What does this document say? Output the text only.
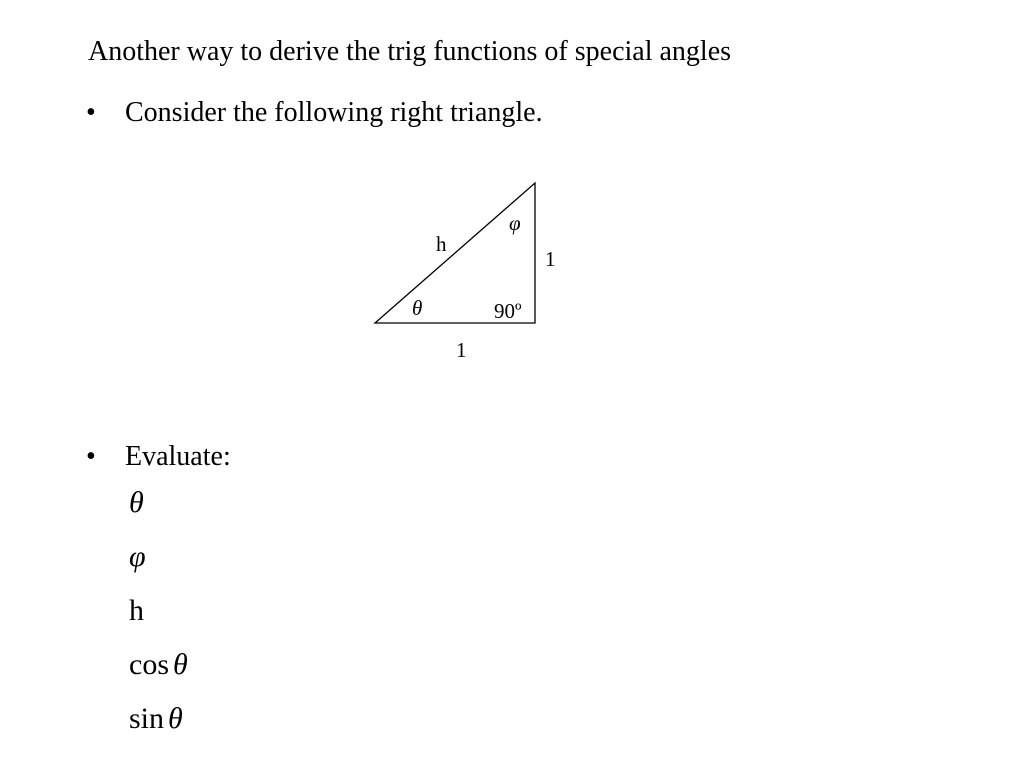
Another way to derive the trig functions of special angles
• Consider the following right triangle.
h
1
1
θ
φ
90º
• Evaluate:
θ
φ
h
cos θ
sin θ
